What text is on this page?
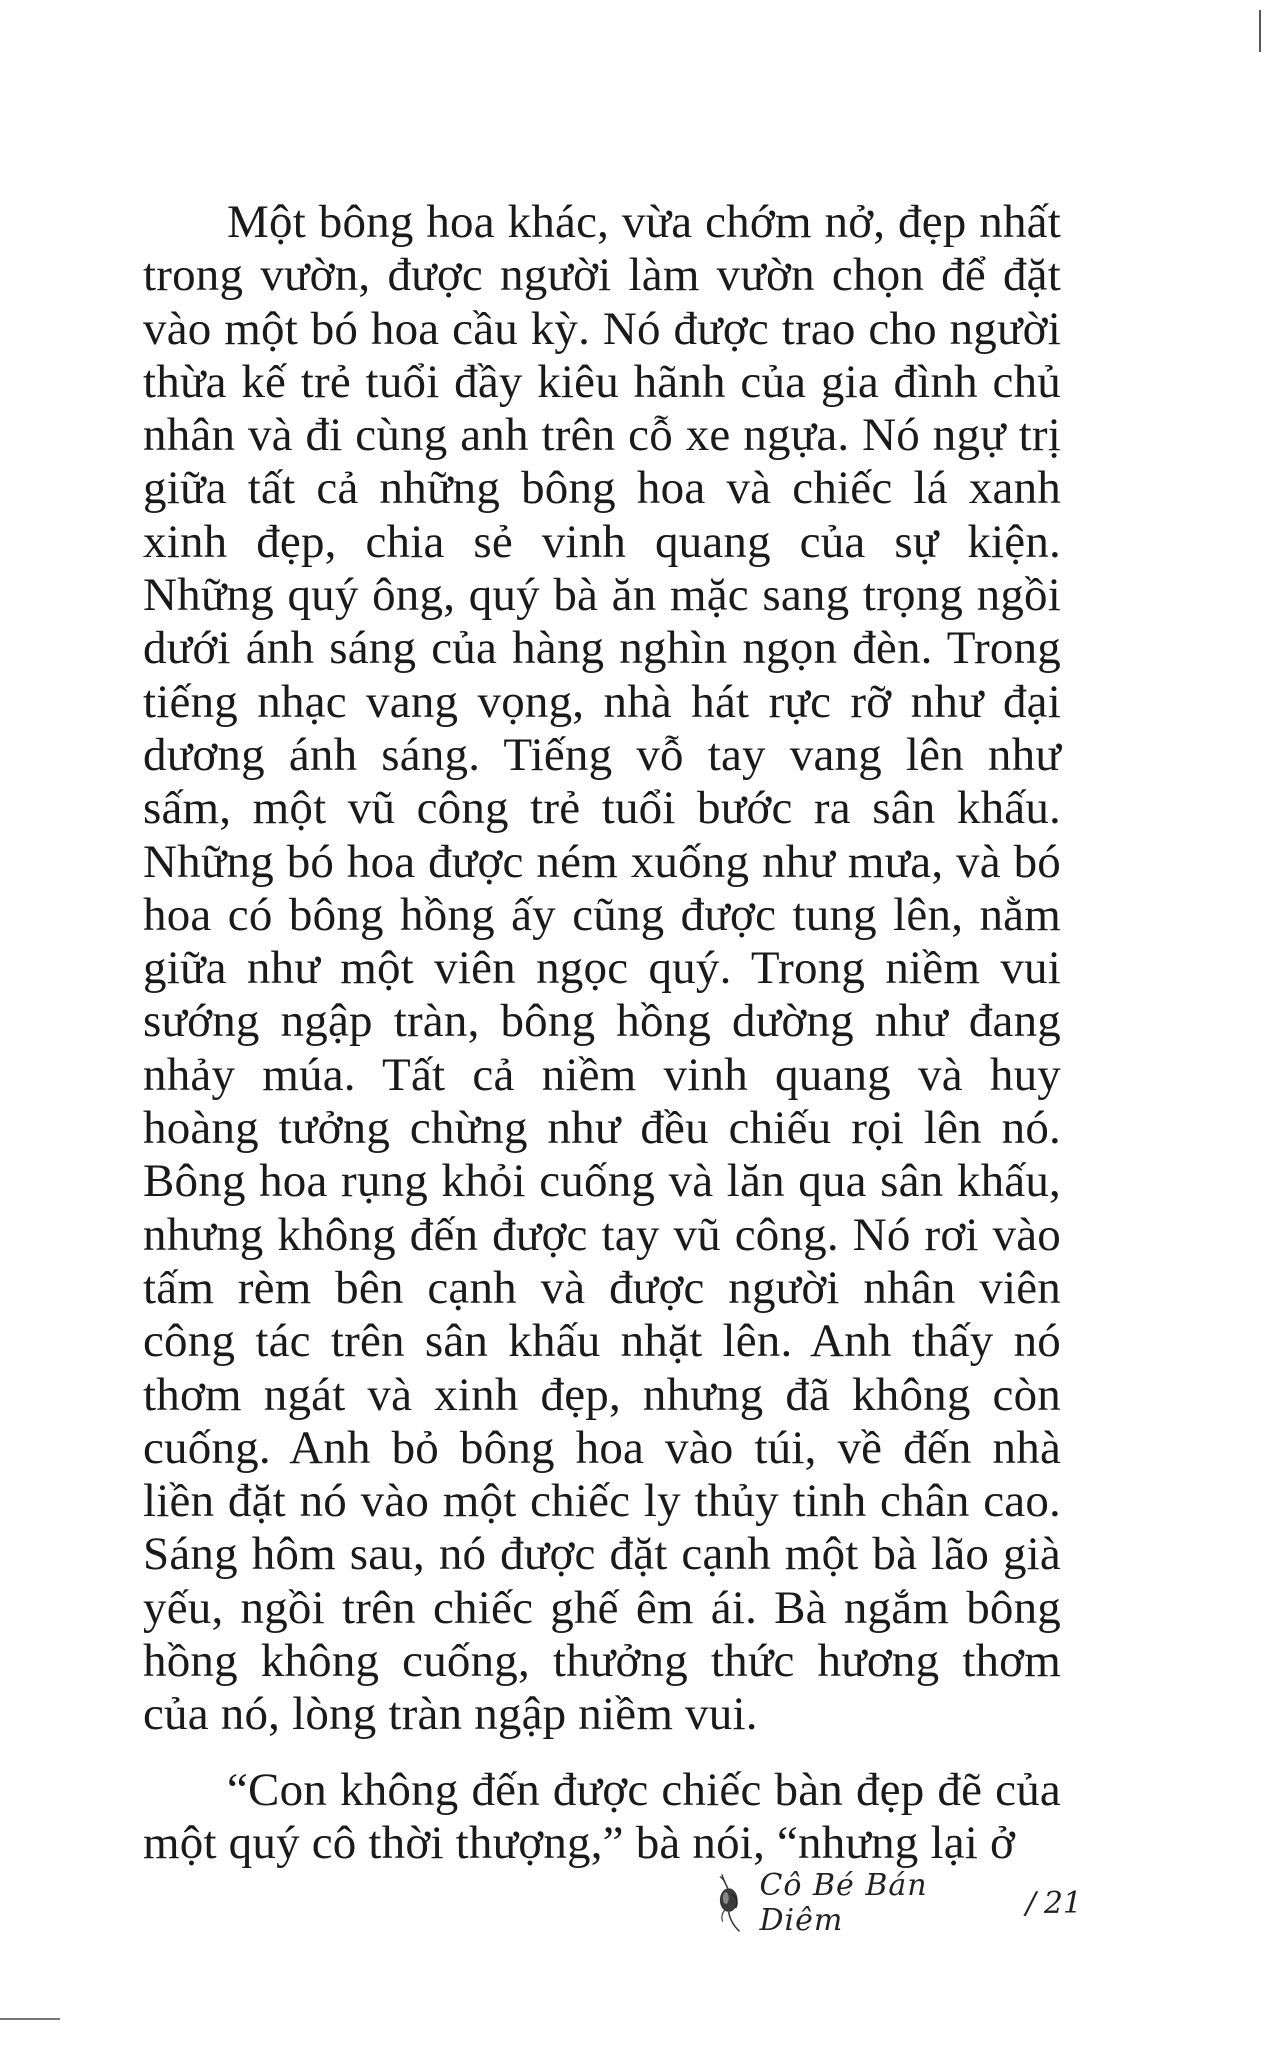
Một bông hoa khác, vừa chớm nở, đẹp nhất trong vườn, được người làm vườn chọn để đặt vào một bó hoa cầu kỳ. Nó được trao cho người thừa kế trẻ tuổi đầy kiêu hãnh của gia đình chủ nhân và đi cùng anh trên cỗ xe ngựa. Nó ngự trị giữa tất cả những bông hoa và chiếc lá xanh xinh đẹp, chia sẻ vinh quang của sự kiện. Những quý ông, quý bà ăn mặc sang trọng ngồi dưới ánh sáng của hàng nghìn ngọn đèn. Trong tiếng nhạc vang vọng, nhà hát rực rỡ như đại dương ánh sáng. Tiếng vỗ tay vang lên như sấm, một vũ công trẻ tuổi bước ra sân khấu. Những bó hoa được ném xuống như mưa, và bó hoa có bông hồng ấy cũng được tung lên, nằm giữa như một viên ngọc quý. Trong niềm vui sướng ngập tràn, bông hồng dường như đang nhảy múa. Tất cả niềm vinh quang và huy hoàng tưởng chừng như đều chiếu rọi lên nó. Bông hoa rụng khỏi cuống và lăn qua sân khấu, nhưng không đến được tay vũ công. Nó rơi vào tấm rèm bên cạnh và được người nhân viên công tác trên sân khấu nhặt lên. Anh thấy nó thơm ngát và xinh đẹp, nhưng đã không còn cuống. Anh bỏ bông hoa vào túi, về đến nhà liền đặt nó vào một chiếc ly thủy tinh chân cao. Sáng hôm sau, nó được đặt cạnh một bà lão già yếu, ngồi trên chiếc ghế êm ái. Bà ngắm bông hồng không cuống, thưởng thức hương thơm của nó, lòng tràn ngập niềm vui.

“Con không đến được chiếc bàn đẹp đẽ của một quý cô thời thượng,” bà nói, “nhưng lại ở

Cô Bé Bán Diêm	/ 21
